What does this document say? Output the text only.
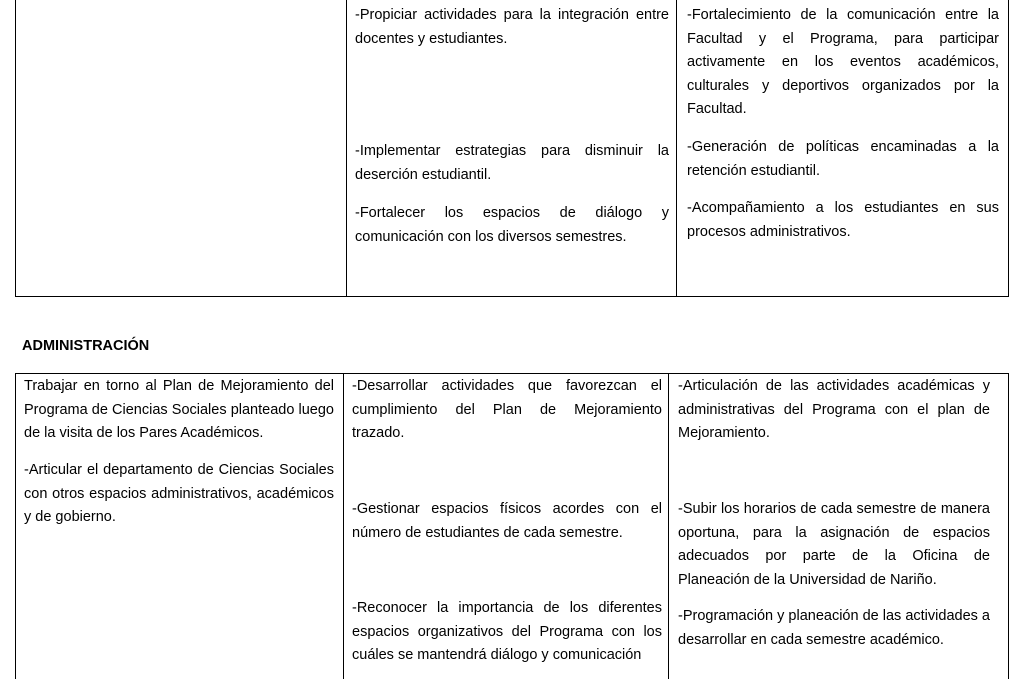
-Propiciar actividades para la integración entre docentes y estudiantes.

-Implementar estrategias para disminuir la deserción estudiantil.

-Fortalecer los espacios de diálogo y comunicación con los diversos semestres.

-Fortalecimiento de la comunicación entre la Facultad y el Programa, para participar activamente en los eventos académicos, culturales y deportivos organizados por la Facultad.

-Generación de políticas encaminadas a la retención estudiantil.

-Acompañamiento a los estudiantes en sus procesos administrativos.

ADMINISTRACIÓN

Trabajar en torno al Plan de Mejoramiento del Programa de Ciencias Sociales planteado luego de la visita de los Pares Académicos.

-Articular el departamento de Ciencias Sociales con otros espacios administrativos, académicos y de gobierno.

-Desarrollar actividades que favorezcan el cumplimiento del Plan de Mejoramiento trazado.

-Gestionar espacios físicos acordes con el número de estudiantes de cada semestre.

-Reconocer la importancia de los diferentes espacios organizativos del Programa con los cuáles se mantendrá diálogo y comunicación

-Articulación de las actividades académicas y administrativas del Programa con el plan de Mejoramiento.

-Subir los horarios de cada semestre de manera oportuna, para la asignación de espacios adecuados por parte de la Oficina de Planeación de la Universidad de Nariño.

-Programación y planeación de las actividades a desarrollar en cada semestre académico.
